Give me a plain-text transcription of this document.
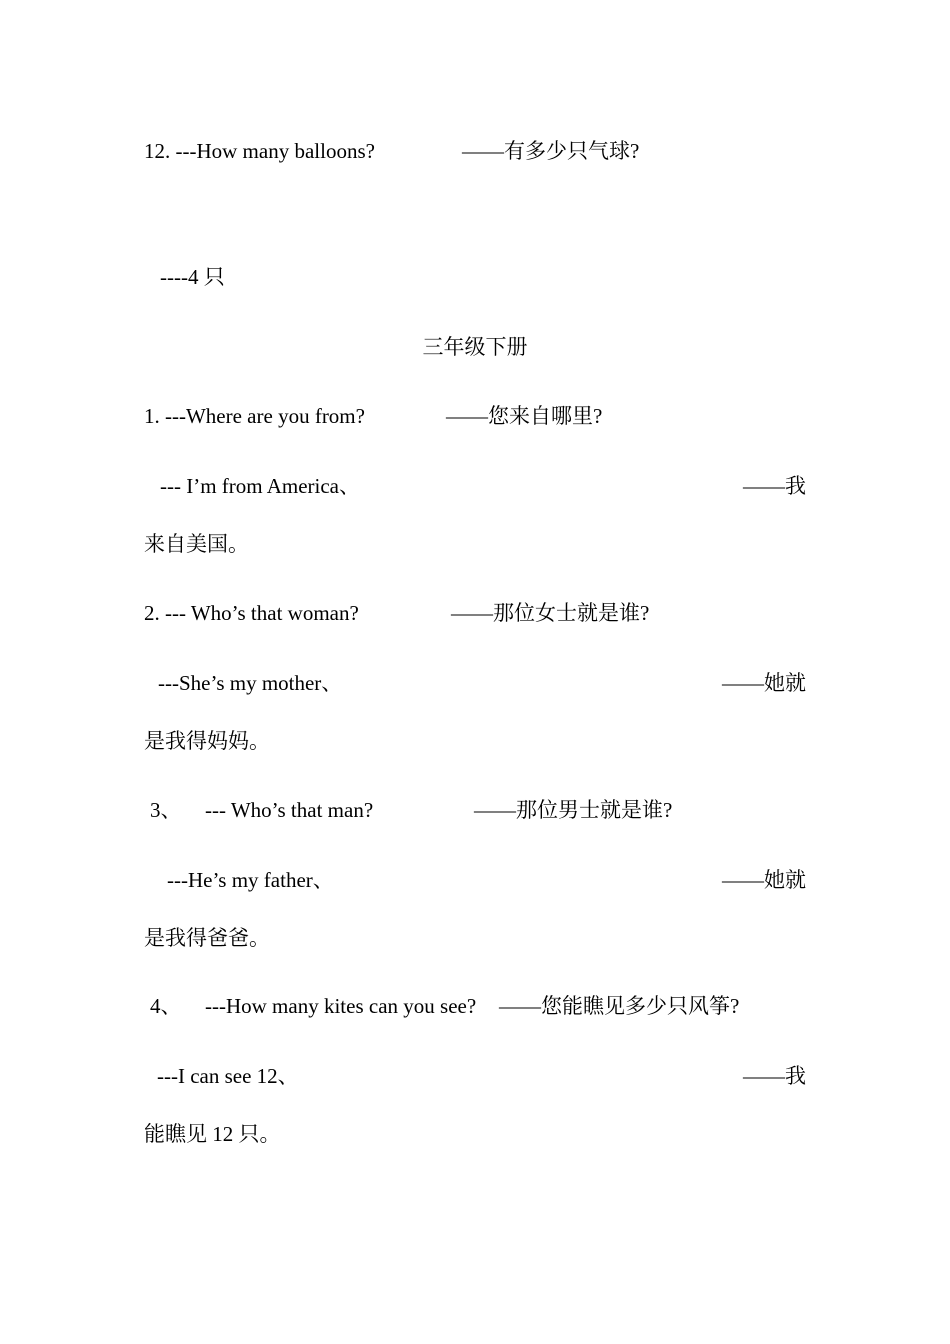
12. ---How many balloons?	——有多少只气球?
----4 只
三年级下册
1. ---Where are you from?	——您来自哪里?
--- I’m from America、	——我
来自美国。
2. --- Who’s that woman?	——那位女士就是谁?
---She’s my mother、	——她就
是我得妈妈。
3、 --- Who’s that man?	——那位男士就是谁?
---He’s my father、	——她就
是我得爸爸。
4、 ---How many kites can you see? ——您能瞧见多少只风筝?
---I can see 12、	——我
能瞧见 12 只。
